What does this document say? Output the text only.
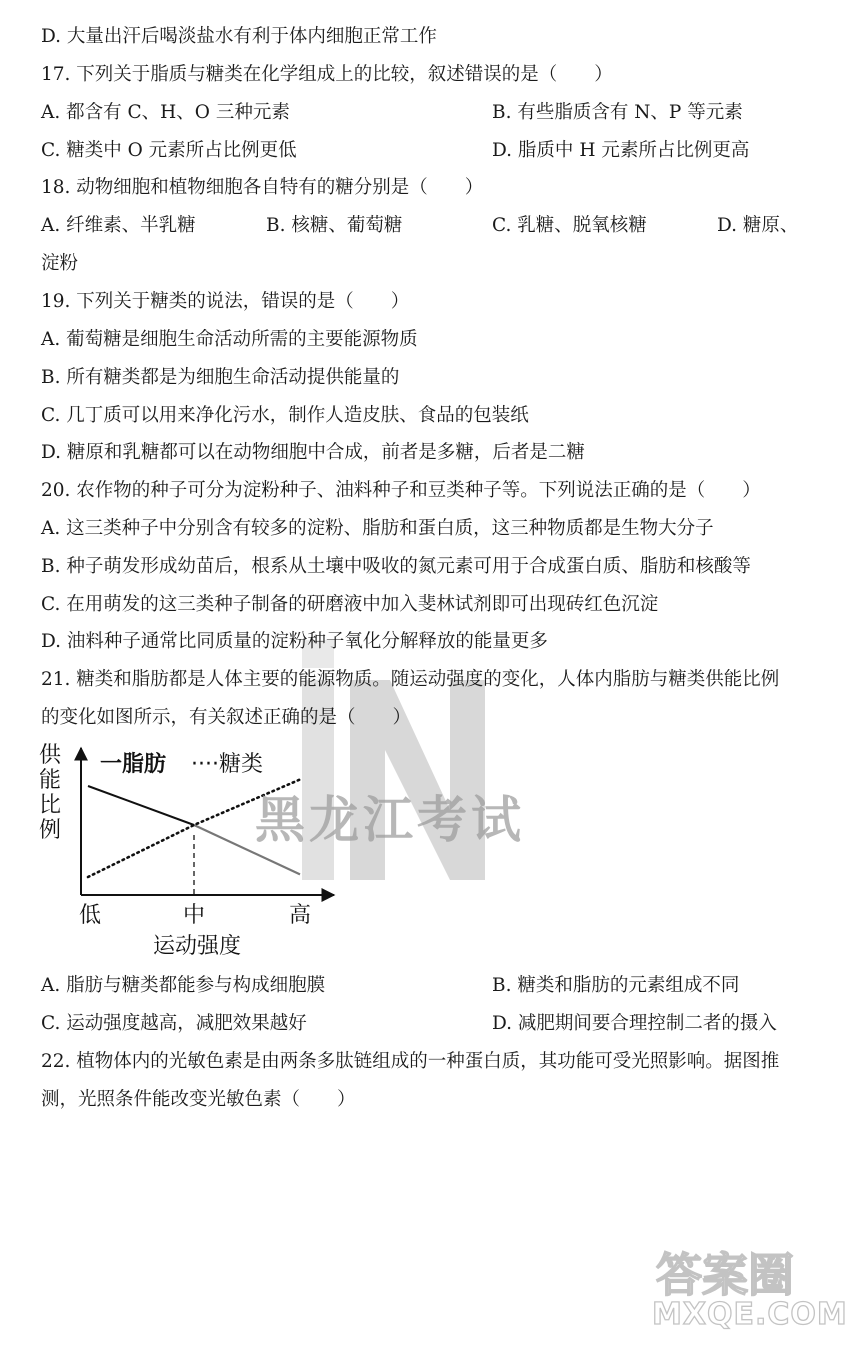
D. 大量出汗后喝淡盐水有利于体内细胞正常工作
17. 下列关于脂质与糖类在化学组成上的比较，叙述错误的是（　　）
A. 都含有 C、H、O 三种元素	B. 有些脂质含有 N、P 等元素
C. 糖类中 O 元素所占比例更低	D. 脂质中 H 元素所占比例更高
18. 动物细胞和植物细胞各自特有的糖分别是（　　）
A. 纤维素、半乳糖	B. 核糖、葡萄糖	C. 乳糖、脱氧核糖	D. 糖原、
淀粉
19. 下列关于糖类的说法，错误的是（　　）
A. 葡萄糖是细胞生命活动所需的主要能源物质
B. 所有糖类都是为细胞生命活动提供能量的
C. 几丁质可以用来净化污水，制作人造皮肤、食品的包装纸
D. 糖原和乳糖都可以在动物细胞中合成，前者是多糖，后者是二糖
20. 农作物的种子可分为淀粉种子、油料种子和豆类种子等。下列说法正确的是（　　）
A. 这三类种子中分别含有较多的淀粉、脂肪和蛋白质，这三种物质都是生物大分子
B. 种子萌发形成幼苗后，根系从土壤中吸收的氮元素可用于合成蛋白质、脂肪和核酸等
C. 在用萌发的这三类种子制备的研磨液中加入斐林试剂即可出现砖红色沉淀
D. 油料种子通常比同质量的淀粉种子氧化分解释放的能量更多
21. 糖类和脂肪都是人体主要的能源物质。随运动强度的变化，人体内脂肪与糖类供能比例
的变化如图所示，有关叙述正确的是（　　）
低	中	高
一脂肪 ····糖类
运动强度
供
能
比
例	黑龙江考试
A. 脂肪与糖类都能参与构成细胞膜	B. 糖类和脂肪的元素组成不同
C. 运动强度越高，减肥效果越好	D. 减肥期间要合理控制二者的摄入
22. 植物体内的光敏色素是由两条多肽链组成的一种蛋白质，其功能可受光照影响。据图推
测，光照条件能改变光敏色素（　　）
答案圈
MXQE.COM
